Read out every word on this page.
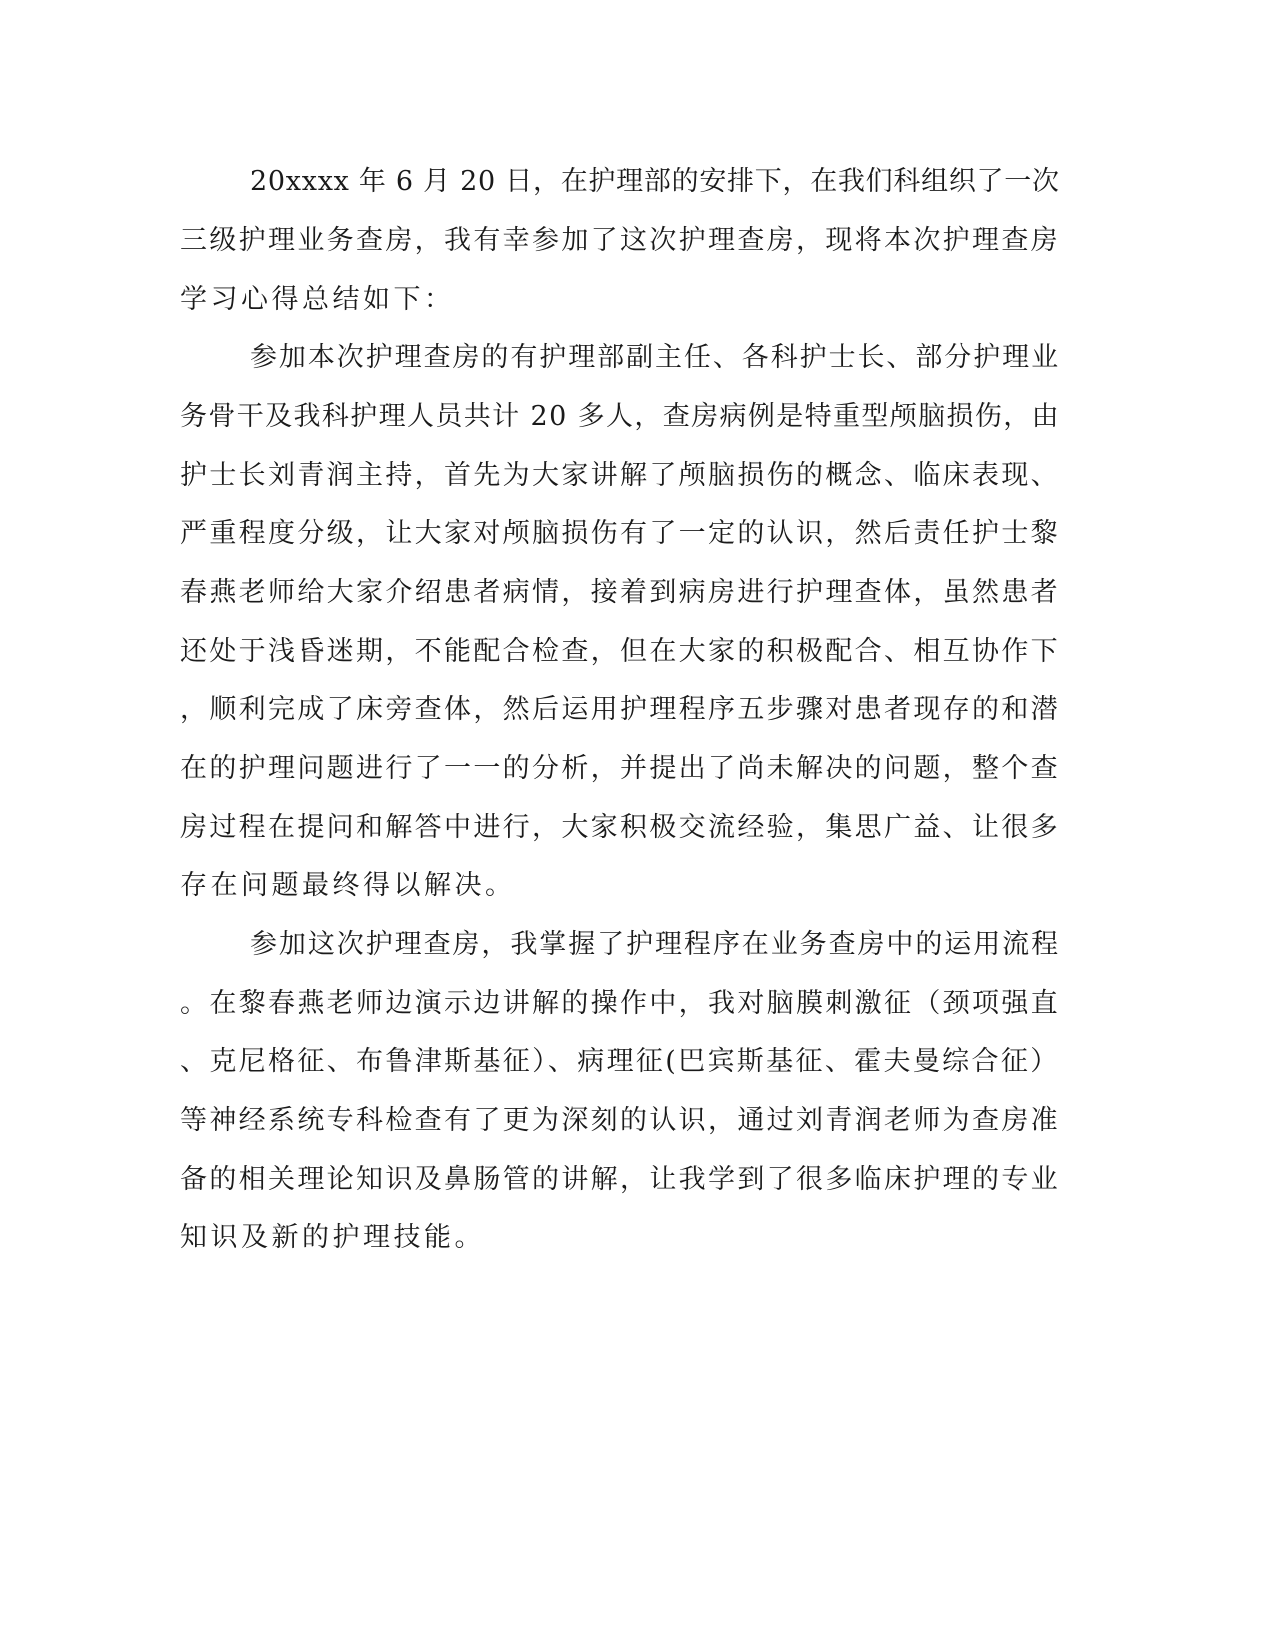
20xxxx 年 6 月 20 日，在护理部的安排下，在我们科组织了一次
三级护理业务查房，我有幸参加了这次护理查房，现将本次护理查房
学习心得总结如下：
参加本次护理查房的有护理部副主任、各科护士长、部分护理业
务骨干及我科护理人员共计 20 多人，查房病例是特重型颅脑损伤，由
护士长刘青润主持，首先为大家讲解了颅脑损伤的概念、临床表现、
严重程度分级，让大家对颅脑损伤有了一定的认识，然后责任护士黎
春燕老师给大家介绍患者病情，接着到病房进行护理查体，虽然患者
还处于浅昏迷期，不能配合检查，但在大家的积极配合、相互协作下
，顺利完成了床旁查体，然后运用护理程序五步骤对患者现存的和潜
在的护理问题进行了一一的分析，并提出了尚未解决的问题，整个查
房过程在提问和解答中进行，大家积极交流经验，集思广益、让很多
存在问题最终得以解决。
参加这次护理查房，我掌握了护理程序在业务查房中的运用流程
。在黎春燕老师边演示边讲解的操作中，我对脑膜刺激征（颈项强直
、克尼格征、布鲁津斯基征）、病理征(巴宾斯基征、霍夫曼综合征）
等神经系统专科检查有了更为深刻的认识，通过刘青润老师为查房准
备的相关理论知识及鼻肠管的讲解，让我学到了很多临床护理的专业
知识及新的护理技能。
